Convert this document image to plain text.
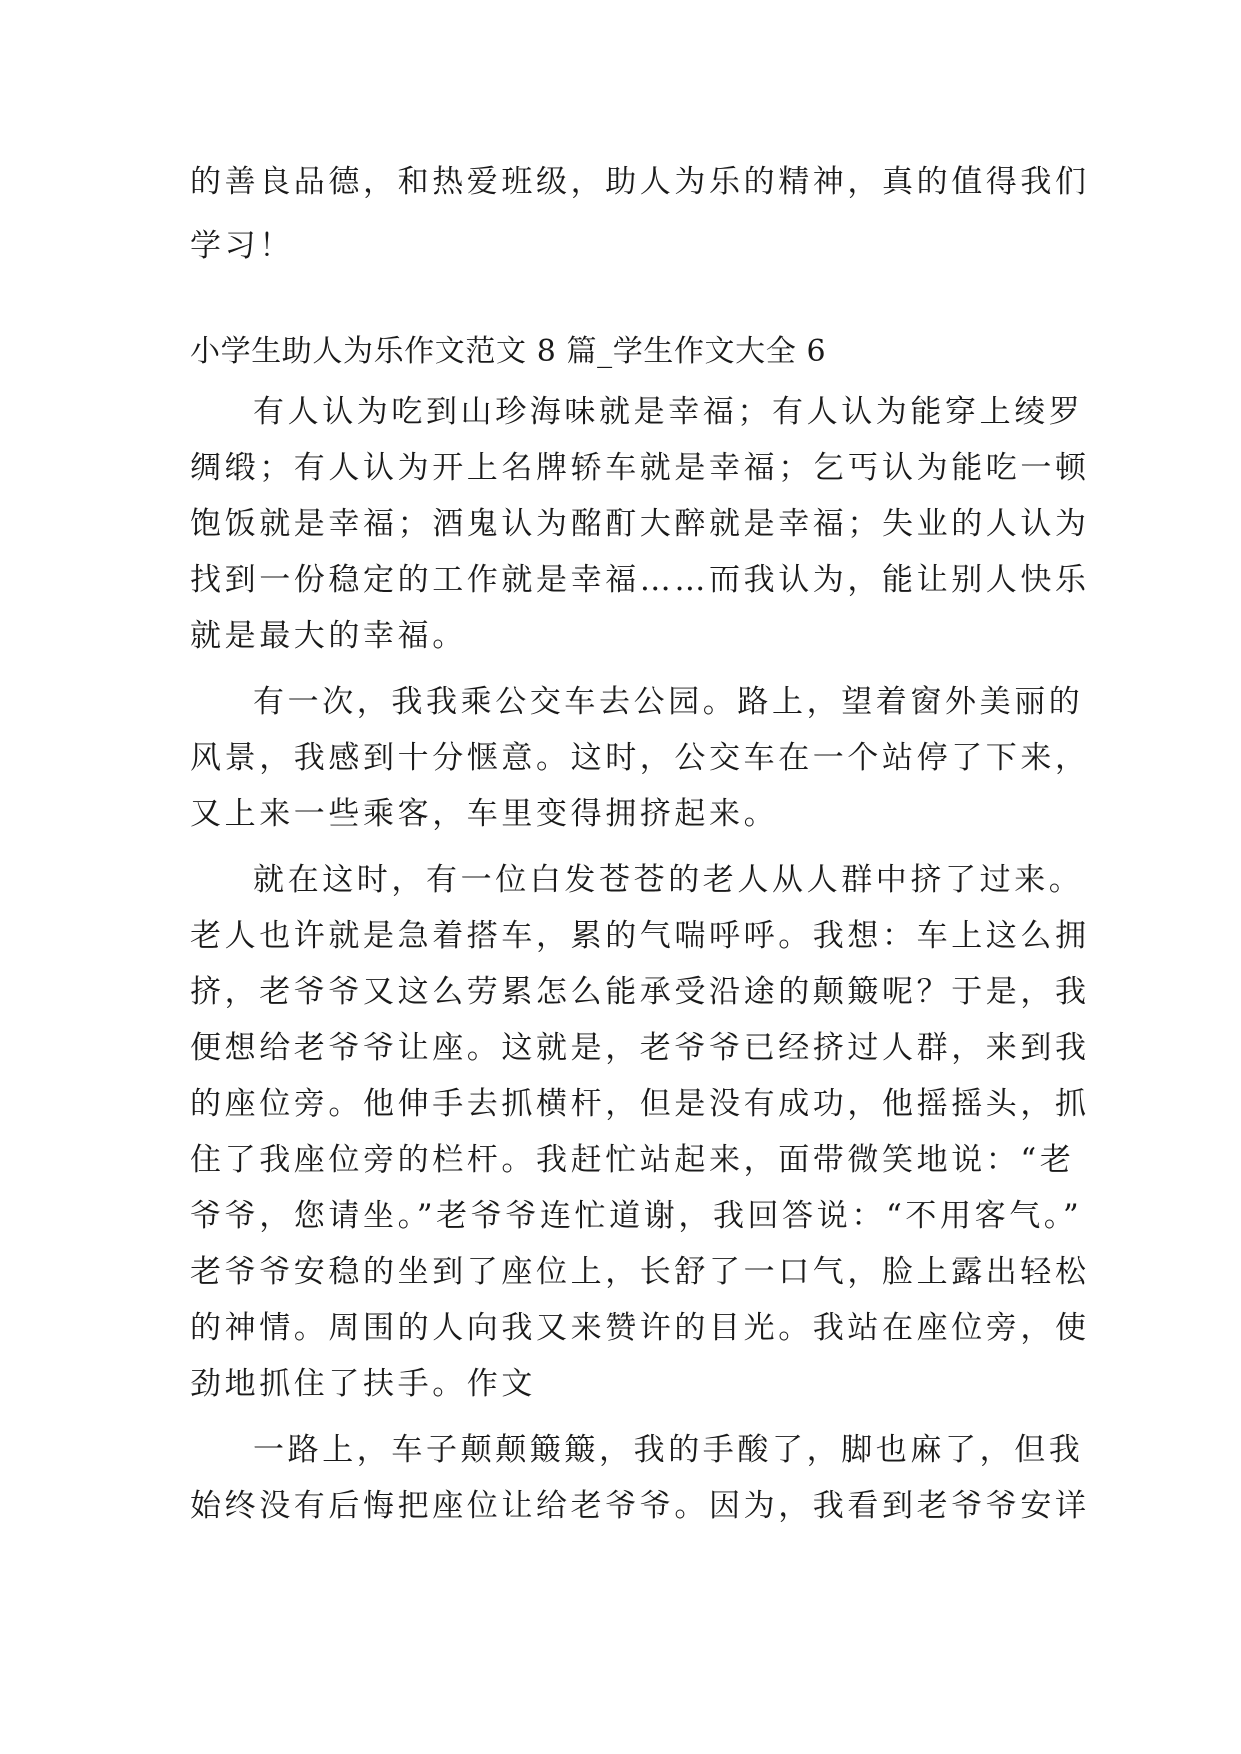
的善良品德，和热爱班级，助人为乐的精神，真的值得我们
学习！
小学生助人为乐作文范文 8 篇_学生作文大全 6
有人认为吃到山珍海味就是幸福；有人认为能穿上绫罗
绸缎；有人认为开上名牌轿车就是幸福；乞丐认为能吃一顿
饱饭就是幸福；酒鬼认为酩酊大醉就是幸福；失业的人认为
找到一份稳定的工作就是幸福……而我认为，能让别人快乐
就是最大的幸福。
有一次，我我乘公交车去公园。路上，望着窗外美丽的
风景，我感到十分惬意。这时，公交车在一个站停了下来，
又上来一些乘客，车里变得拥挤起来。
就在这时，有一位白发苍苍的老人从人群中挤了过来。
老人也许就是急着搭车，累的气喘呼呼。我想：车上这么拥
挤，老爷爷又这么劳累怎么能承受沿途的颠簸呢？于是，我
便想给老爷爷让座。这就是，老爷爷已经挤过人群，来到我
的座位旁。他伸手去抓横杆，但是没有成功，他摇摇头，抓
住了我座位旁的栏杆。我赶忙站起来，面带微笑地说：“老
爷爷，您请坐。”老爷爷连忙道谢，我回答说：“不用客气。”
老爷爷安稳的坐到了座位上，长舒了一口气，脸上露出轻松
的神情。周围的人向我又来赞许的目光。我站在座位旁，使
劲地抓住了扶手。作文
一路上，车子颠颠簸簸，我的手酸了，脚也麻了，但我
始终没有后悔把座位让给老爷爷。因为，我看到老爷爷安详
